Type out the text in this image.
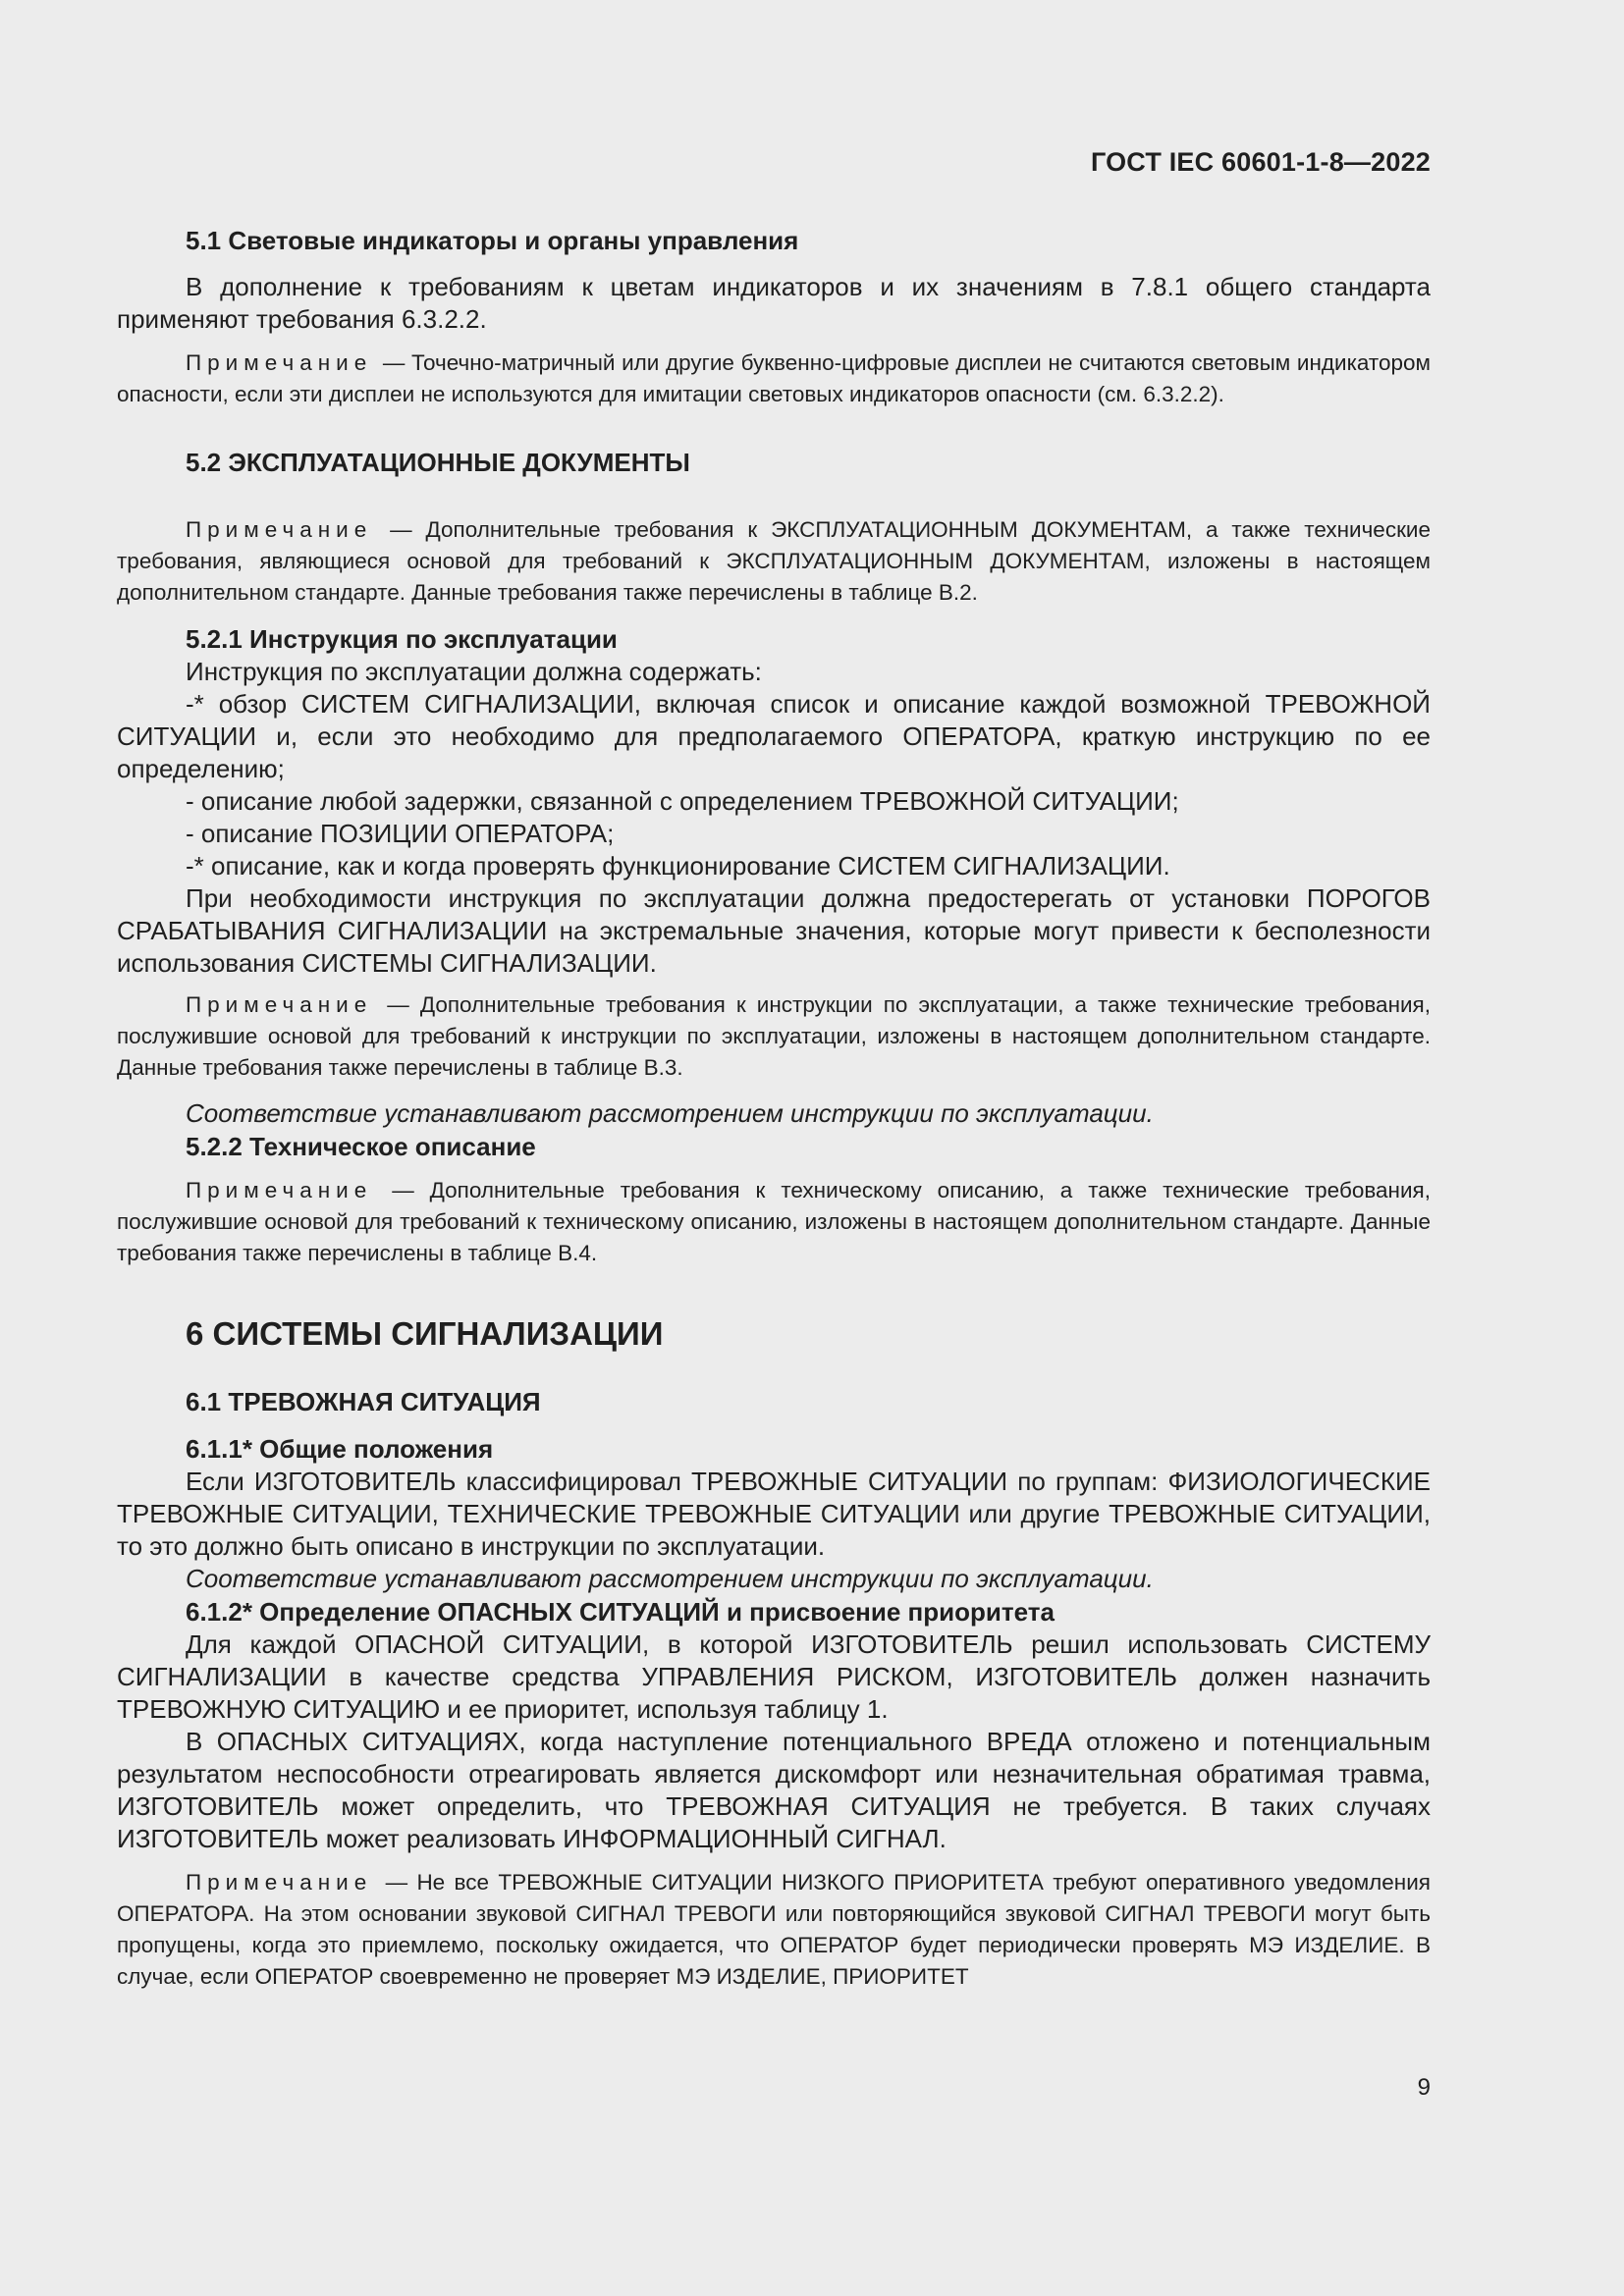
ГОСТ IEC 60601-1-8—2022

5.1 Световые индикаторы и органы управления

В дополнение к требованиям к цветам индикаторов и их значениям в 7.8.1 общего стандарта применяют требования 6.3.2.2.

Примечание — Точечно-матричный или другие буквенно-цифровые дисплеи не считаются световым индикатором опасности, если эти дисплеи не используются для имитации световых индикаторов опасности (см. 6.3.2.2).

5.2 ЭКСПЛУАТАЦИОННЫЕ ДОКУМЕНТЫ

Примечание — Дополнительные требования к ЭКСПЛУАТАЦИОННЫМ ДОКУМЕНТАМ, а также технические требования, являющиеся основой для требований к ЭКСПЛУАТАЦИОННЫМ ДОКУМЕНТАМ, изложены в настоящем дополнительном стандарте. Данные требования также перечислены в таблице В.2.

5.2.1 Инструкция по эксплуатации

Инструкция по эксплуатации должна содержать:

-* обзор СИСТЕМ СИГНАЛИЗАЦИИ, включая список и описание каждой возможной ТРЕВОЖНОЙ СИТУАЦИИ и, если это необходимо для предполагаемого ОПЕРАТОРА, краткую инструкцию по ее определению;

- описание любой задержки, связанной с определением ТРЕВОЖНОЙ СИТУАЦИИ;

- описание ПОЗИЦИИ ОПЕРАТОРА;

-* описание, как и когда проверять функционирование СИСТЕМ СИГНАЛИЗАЦИИ.

При необходимости инструкция по эксплуатации должна предостерегать от установки ПОРОГОВ СРАБАТЫВАНИЯ СИГНАЛИЗАЦИИ на экстремальные значения, которые могут привести к бесполезности использования СИСТЕМЫ СИГНАЛИЗАЦИИ.

Примечание — Дополнительные требования к инструкции по эксплуатации, а также технические требования, послужившие основой для требований к инструкции по эксплуатации, изложены в настоящем дополнительном стандарте. Данные требования также перечислены в таблице В.3.

Соответствие устанавливают рассмотрением инструкции по эксплуатации.

5.2.2 Техническое описание

Примечание — Дополнительные требования к техническому описанию, а также технические требования, послужившие основой для требований к техническому описанию, изложены в настоящем дополнительном стандарте. Данные требования также перечислены в таблице В.4.

6 СИСТЕМЫ СИГНАЛИЗАЦИИ

6.1 ТРЕВОЖНАЯ СИТУАЦИЯ

6.1.1* Общие положения

Если ИЗГОТОВИТЕЛЬ классифицировал ТРЕВОЖНЫЕ СИТУАЦИИ по группам: ФИЗИОЛОГИЧЕСКИЕ ТРЕВОЖНЫЕ СИТУАЦИИ, ТЕХНИЧЕСКИЕ ТРЕВОЖНЫЕ СИТУАЦИИ или другие ТРЕВОЖНЫЕ СИТУАЦИИ, то это должно быть описано в инструкции по эксплуатации.

Соответствие устанавливают рассмотрением инструкции по эксплуатации.

6.1.2* Определение ОПАСНЫХ СИТУАЦИЙ и присвоение приоритета

Для каждой ОПАСНОЙ СИТУАЦИИ, в которой ИЗГОТОВИТЕЛЬ решил использовать СИСТЕМУ СИГНАЛИЗАЦИИ в качестве средства УПРАВЛЕНИЯ РИСКОМ, ИЗГОТОВИТЕЛЬ должен назначить ТРЕВОЖНУЮ СИТУАЦИЮ и ее приоритет, используя таблицу 1.

В ОПАСНЫХ СИТУАЦИЯХ, когда наступление потенциального ВРЕДА отложено и потенциальным результатом неспособности отреагировать является дискомфорт или незначительная обратимая травма, ИЗГОТОВИТЕЛЬ может определить, что ТРЕВОЖНАЯ СИТУАЦИЯ не требуется. В таких случаях ИЗГОТОВИТЕЛЬ может реализовать ИНФОРМАЦИОННЫЙ СИГНАЛ.

Примечание — Не все ТРЕВОЖНЫЕ СИТУАЦИИ НИЗКОГО ПРИОРИТЕТА требуют оперативного уведомления ОПЕРАТОРА. На этом основании звуковой СИГНАЛ ТРЕВОГИ или повторяющийся звуковой СИГНАЛ ТРЕВОГИ могут быть пропущены, когда это приемлемо, поскольку ожидается, что ОПЕРАТОР будет периодически проверять МЭ ИЗДЕЛИЕ. В случае, если ОПЕРАТОР своевременно не проверяет МЭ ИЗДЕЛИЕ, ПРИОРИТЕТ

9
